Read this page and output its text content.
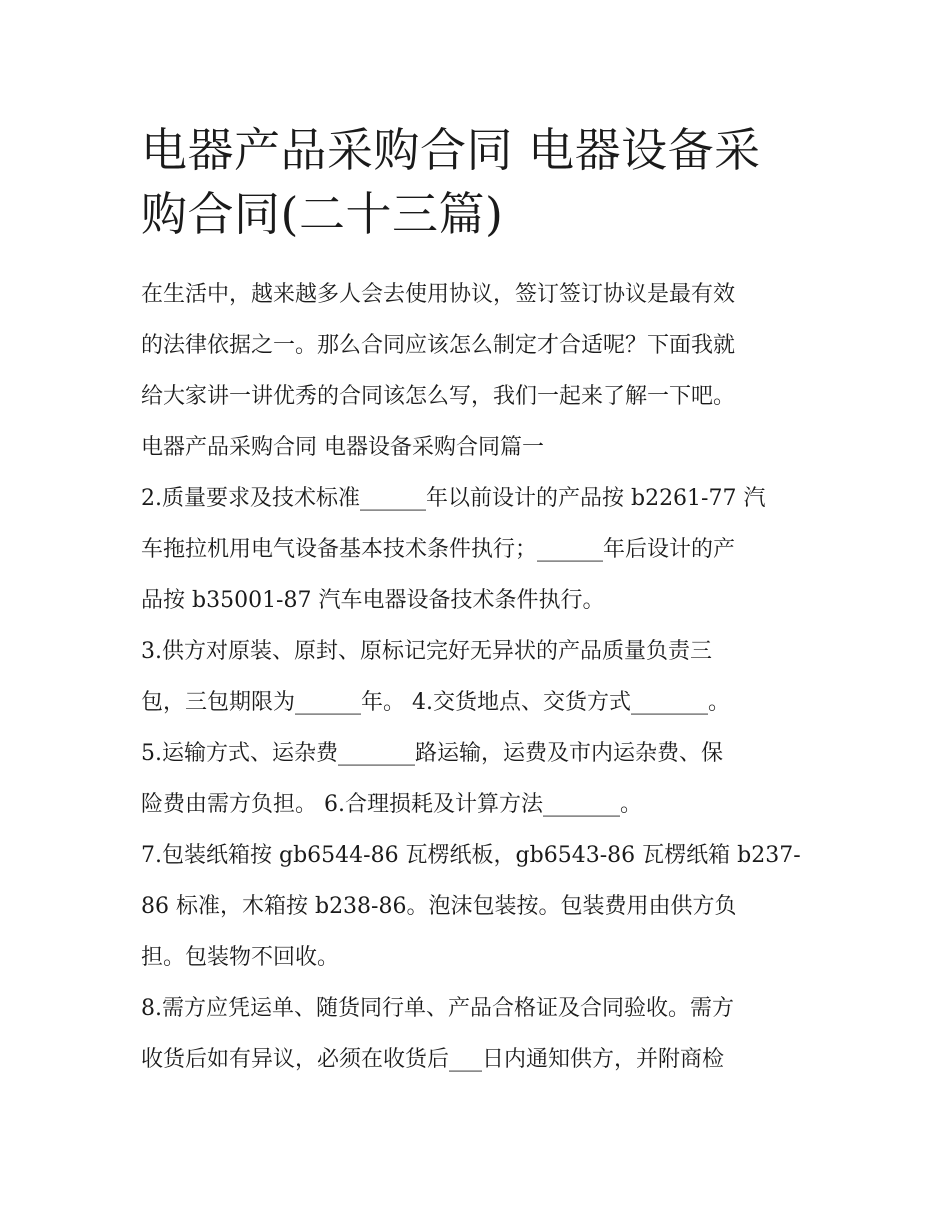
电器产品采购合同 电器设备采
购合同(二十三篇)
在生活中，越来越多人会去使用协议，签订签订协议是最有效
的法律依据之一。那么合同应该怎么制定才合适呢？下面我就
给大家讲一讲优秀的合同该怎么写，我们一起来了解一下吧。
电器产品采购合同 电器设备采购合同篇一
2.质量要求及技术标准______年以前设计的产品按 b2261-77 汽
车拖拉机用电气设备基本技术条件执行；______年后设计的产
品按 b35001-87 汽车电器设备技术条件执行。
3.供方对原装、原封、原标记完好无异状的产品质量负责三
包，三包期限为______年。 4.交货地点、交货方式_______。
5.运输方式、运杂费_______路运输，运费及市内运杂费、保
险费由需方负担。 6.合理损耗及计算方法_______。
7.包装纸箱按 gb6544-86 瓦楞纸板，gb6543-86 瓦楞纸箱 b237-
86 标准，木箱按 b238-86。泡沫包装按。包装费用由供方负
担。包装物不回收。
8.需方应凭运单、随货同行单、产品合格证及合同验收。需方
收货后如有异议，必须在收货后___日内通知供方，并附商检
